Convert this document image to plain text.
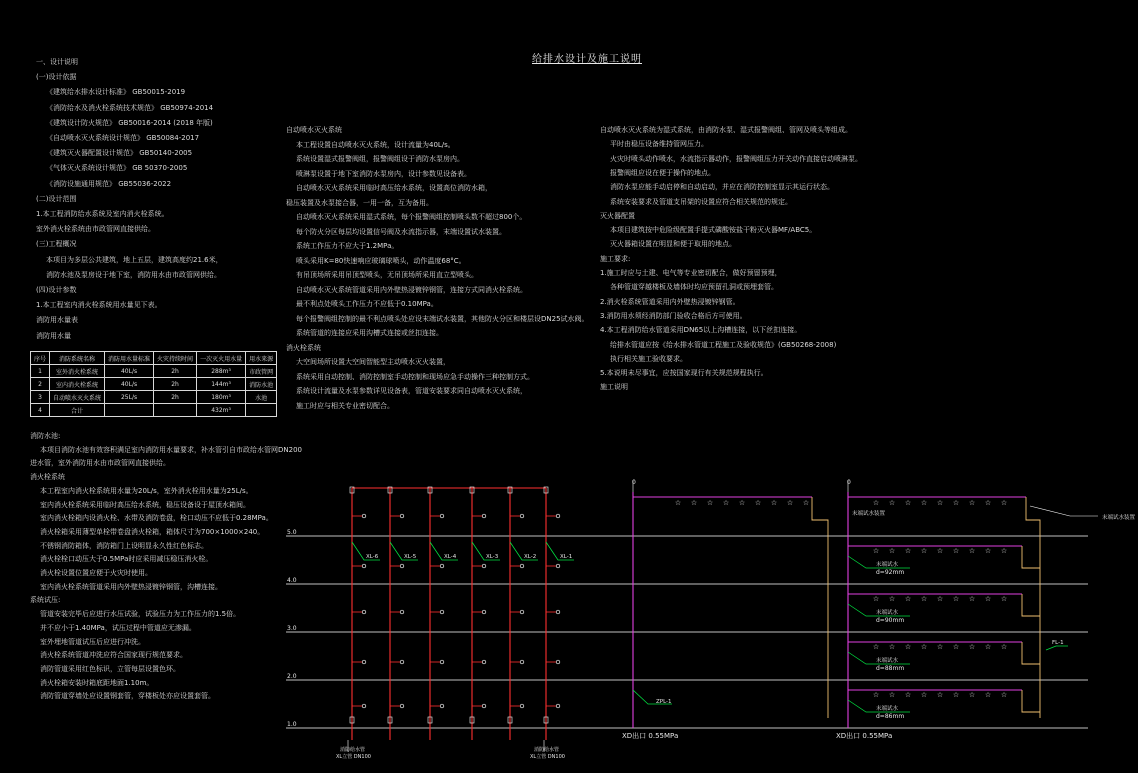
给排水设计及施工说明
一、设计说明
(一)设计依据
《建筑给水排水设计标准》 GB50015-2019
《消防给水及消火栓系统技术规范》 GB50974-2014
《建筑设计防火规范》 GB50016-2014 (2018 年版)
《自动喷水灭火系统设计规范》 GB50084-2017
《建筑灭火器配置设计规范》 GB50140-2005
《气体灭火系统设计规范》 GB 50370-2005
《消防设施通用规范》 GB55036-2022
(二)设计范围
1.本工程消防给水系统及室内消火栓系统。
室外消火栓系统由市政管网直接供给。
(三)工程概况
本项目为多层公共建筑，地上五层，建筑高度约21.6米，
消防水池及泵房设于地下室，消防用水由市政管网供给。
(四)设计参数
1.本工程室内消火栓系统用水量见下表。
消防用水量表
消防用水量
序号	消防系统名称	消防用水量标准	火灾持续时间	一次灭火用水量	用水来源
1	室外消火栓系统	40L/s	2h	288m³	市政管网
2	室内消火栓系统	40L/s	2h	144m³	消防水池
3	自动喷水灭火系统	25L/s	2h	180m³	水池
4	合计			432m³	
消防水池:
本项目消防水池有效容积满足室内消防用水量要求，补水管引自市政给水管网DN200
进水管，室外消防用水由市政管网直接供给。
消火栓系统
本工程室内消火栓系统用水量为20L/s，室外消火栓用水量为25L/s。
室内消火栓系统采用临时高压给水系统，稳压设备设于屋顶水箱间。
室内消火栓箱内设消火栓、水带及消防卷盘，栓口动压不应低于0.28MPa。
消火栓箱采用薄型单栓带卷盘消火栓箱，箱体尺寸为700×1000×240。
不锈钢消防箱体，消防箱门上设明显永久性红色标志。
消火栓栓口动压大于0.5MPa时应采用减压稳压消火栓。
消火栓设置位置应便于火灾时使用。
室内消火栓系统管道采用内外壁热浸镀锌钢管，沟槽连接。
系统试压:
管道安装完毕后应进行水压试验，试验压力为工作压力的1.5倍。
并不应小于1.40MPa，试压过程中管道应无渗漏。
室外埋地管道试压后应进行冲洗。
消火栓系统管道冲洗应符合国家现行规范要求。
消防管道采用红色标识，立管每层设置色环。
消火栓箱安装时箱底距地面1.10m。
消防管道穿墙处应设置钢套管，穿楼板处亦应设置套管。
自动喷水灭火系统
本工程设置自动喷水灭火系统，设计流量为40L/s。
系统设置湿式报警阀组，报警阀组设于消防水泵房内。
喷淋泵设置于地下室消防水泵房内，设计参数见设备表。
自动喷水灭火系统采用临时高压给水系统，设置高位消防水箱，
稳压装置及水泵接合器，一用一备，互为备用。
自动喷水灭火系统采用湿式系统，每个报警阀组控制喷头数不超过800个。
每个防火分区每层均设置信号阀及水流指示器，末端设置试水装置。
系统工作压力不应大于1.2MPa。
喷头采用K=80快速响应玻璃球喷头，动作温度68°C。
有吊顶场所采用吊顶型喷头，无吊顶场所采用直立型喷头。
自动喷水灭火系统管道采用内外壁热浸镀锌钢管，连接方式同消火栓系统。
最不利点处喷头工作压力不应低于0.10MPa。
每个报警阀组控制的最不利点喷头处应设末端试水装置，其他防火分区和楼层设DN25试水阀。
系统管道的连接应采用沟槽式连接或丝扣连接。
消火栓系统
大空间场所设置大空间智能型主动喷水灭火装置，
系统采用自动控制、消防控制室手动控制和现场应急手动操作三种控制方式。
系统设计流量及水泵参数详见设备表，管道安装要求同自动喷水灭火系统，
施工时应与相关专业密切配合。
自动喷水灭火系统为湿式系统，由消防水泵、湿式报警阀组、管网及喷头等组成。
平时由稳压设备维持管网压力。
火灾时喷头动作喷水，水流指示器动作，报警阀组压力开关动作直接启动喷淋泵。
报警阀组应设在便于操作的地点。
消防水泵应能手动启停和自动启动，并应在消防控制室显示其运行状态。
系统安装要求及管道支吊架的设置应符合相关规范的规定。
灭火器配置
本项目建筑按中危险级配置手提式磷酸铵盐干粉灭火器MF/ABC5。
灭火器箱设置在明显和便于取用的地点。
施工要求:
1.施工时应与土建、电气等专业密切配合，做好预留预埋，
各种管道穿越楼板及墙体时均应预留孔洞或预埋套管。
2.消火栓系统管道采用内外壁热浸镀锌钢管。
3.消防用水须经消防部门验收合格后方可使用。
4.本工程消防给水管道采用DN65以上沟槽连接，以下丝扣连接。
给排水管道应按《给水排水管道工程施工及验收规范》(GB50268-2008)
执行相关施工验收要求。
5.本说明未尽事宜，应按国家现行有关规范规程执行。
施工说明
5.0
4.0
3.0
2.0
1.0
XL-6	XL-5	XL-4	XL-3	XL-2	XL-1
消防给水管
XL立管 DN100
消防给水管
XL立管 DN100
☆ ☆ ☆ ☆ ☆ ☆ ☆ ☆ ☆	☆ ☆ ☆ ☆ ☆ ☆ ☆ ☆ ☆
☆ ☆ ☆ ☆ ☆ ☆ ☆ ☆ ☆
☆ ☆ ☆ ☆ ☆ ☆ ☆ ☆ ☆
☆ ☆ ☆ ☆ ☆ ☆ ☆ ☆ ☆
☆ ☆ ☆ ☆ ☆ ☆ ☆ ☆ ☆
0	0
末端试水装置
末端试水装置
ZPL-1
FL-1
末端试水
d=92mm
末端试水
d=90mm
末端试水
d=88mm
末端试水
d=86mm
XD出口 0.55MPa	XD出口 0.55MPa
